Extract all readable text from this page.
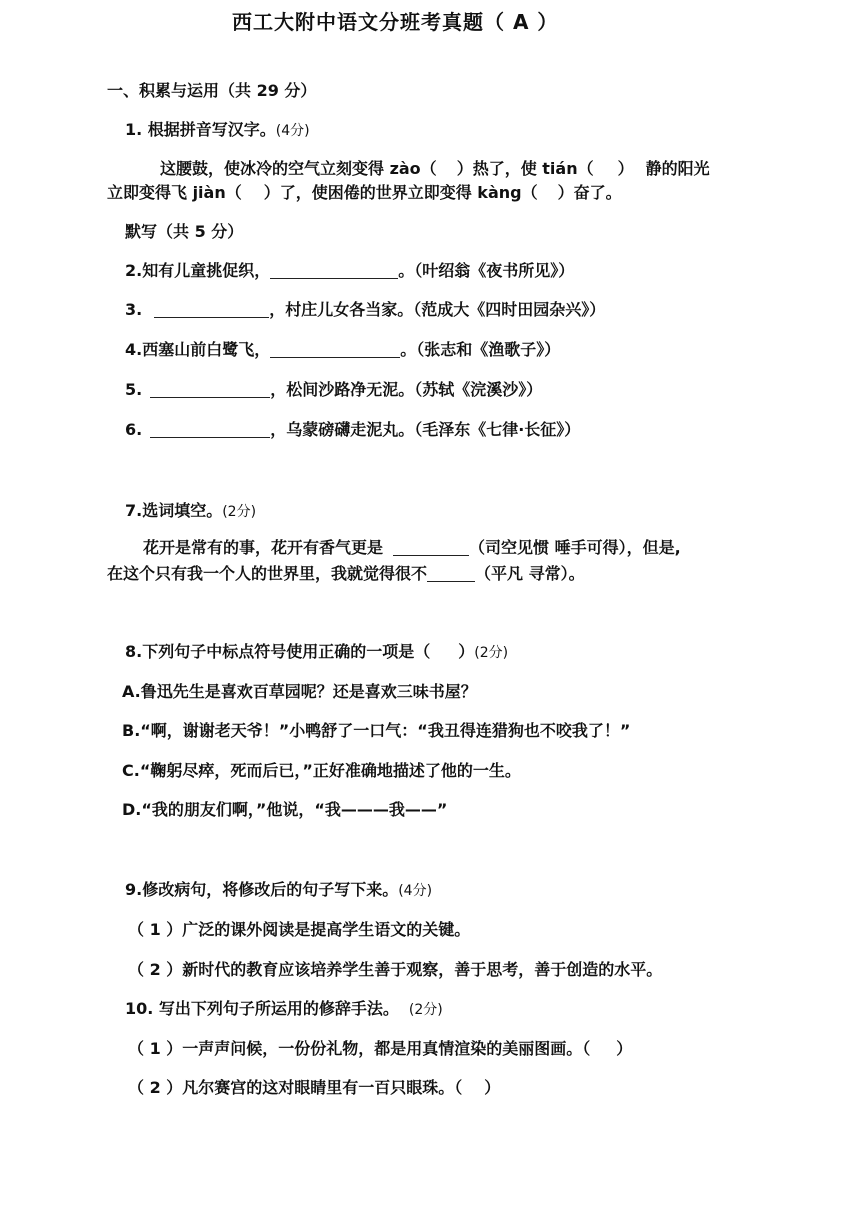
西工大附中语文分班考真题（ A ）
一、积累与运用（共 29 分）
1. 根据拼音写汉字。(4分)
这腰鼓，使冰冷的空气立刻变得 zào（ ）热了，使 tián（ ） 静的阳光
立即变得飞 jiàn（ ）了，使困倦的世界立即变得 kàng（ ）奋了。
默写（共 5 分）
2.知有儿童挑促织，	。（叶绍翁《夜书所见》）
3.	，村庄儿女各当家。（范成大《四时田园杂兴》）
4.西塞山前白鹭飞，	。（张志和《渔歌子》）
5.	，松间沙路净无泥。（苏轼《浣溪沙》）
6.	，乌蒙磅礴走泥丸。（毛泽东《七律·长征》）
7.选词填空。(2分)
花开是常有的事，花开有香气更是	（司空见惯 唾手可得），但是,
在这个只有我一个人的世界里，我就觉得很不	（平凡 寻常）。
8.下列句子中标点符号使用正确的一项是（ ）(2分)
A.鲁迅先生是喜欢百草园呢？还是喜欢三味书屋？
B.“啊，谢谢老天爷！”小鸭舒了一口气：“我丑得连猎狗也不咬我了！”
C.“鞠躬尽瘁，死而后已，”正好准确地描述了他的一生。
D.“我的朋友们啊，”他说，“我———我——”
9.修改病句，将修改后的句子写下来。(4分)
（ 1 ）广泛的课外阅读是提高学生语文的关键。
（ 2 ）新时代的教育应该培养学生善于观察，善于思考，善于创造的水平。
10. 写出下列句子所运用的修辞手法。 (2分)
（ 1 ）一声声问候，一份份礼物，都是用真情渲染的美丽图画。（ ）
（ 2 ）凡尔赛宫的这对眼睛里有一百只眼珠。（ ）
